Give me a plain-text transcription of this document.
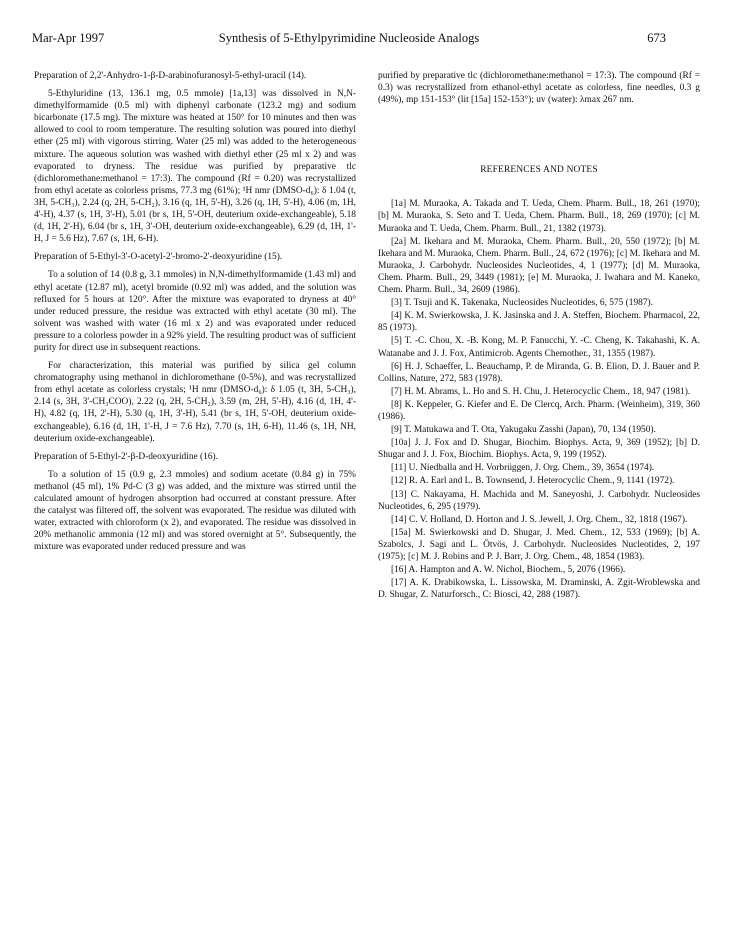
Mar-Apr 1997	Synthesis of 5-Ethylpyrimidine Nucleoside Analogs	673
Preparation of 2,2'-Anhydro-1-β-D-arabinofuranosyl-5-ethyl-uracil (14).

5-Ethyluridine (13, 136.1 mg, 0.5 mmole) [1a,13] was dissolved in N,N-dimethylformamide (0.5 ml) with diphenyl carbonate (123.2 mg) and sodium bicarbonate (17.5 mg). The mixture was heated at 150° for 10 minutes and then was allowed to cool to room temperature. The resulting solution was poured into diethyl ether (25 ml) with vigorous stirring. Water (25 ml) was added to the heterogeneous mixture. The aqueous solution was washed with diethyl ether (25 ml x 2) and was evaporated to dryness. The residue was purified by preparative tlc (dichloromethane:methanol = 17:3). The compound (Rf = 0.20) was recrystallized from ethyl acetate as colorless prisms, 77.3 mg (61%); ¹H nmr (DMSO-d₆): δ 1.04 (t, 3H, 5-CH₃), 2.24 (q, 2H, 5-CH₂), 3.16 (q, 1H, 5'-H), 3.26 (q, 1H, 5'-H), 4.06 (m, 1H, 4'-H), 4.37 (s, 1H, 3'-H), 5.01 (br s, 1H, 5'-OH, deuterium oxide-exchangeable), 5.18 (d, 1H, 2'-H), 6.04 (br s, 1H, 3'-OH, deuterium oxide-exchangeable), 6.29 (d, 1H, 1'-H, J = 5.6 Hz), 7.67 (s, 1H, 6-H).

Preparation of 5-Ethyl-3'-O-acetyl-2'-bromo-2'-deoxyuridine (15).

To a solution of 14 (0.8 g, 3.1 mmoles) in N,N-dimethylformamide (1.43 ml) and ethyl acetate (12.87 ml), acetyl bromide (0.92 ml) was added, and the solution was refluxed for 5 hours at 120°. After the mixture was evaporated to dryness at 40° under reduced pressure, the residue was extracted with ethyl acetate (30 ml). The solvent was washed with water (16 ml x 2) and was evaporated under reduced pressure to a colorless powder in a 92% yield. The resulting product was of sufficient purity for direct use in subsequent reactions.

For characterization, this material was purified by silica gel column chromatography using methanol in dichloromethane (0-5%), and was recrystallized from ethyl acetate as colorless crystals; ¹H nmr (DMSO-d₆): δ 1.05 (t, 3H, 5-CH₃), 2.14 (s, 3H, 3'-CH₃COO), 2.22 (q, 2H, 5-CH₂), 3.59 (m, 2H, 5'-H), 4.16 (d, 1H, 4'-H), 4.82 (q, 1H, 2'-H), 5.30 (q, 1H, 3'-H), 5.41 (br s, 1H, 5'-OH, deuterium oxide-exchangeable), 6.16 (d, 1H, 1'-H, J = 7.6 Hz), 7.70 (s, 1H, 6-H), 11.46 (s, 1H, NH, deuterium oxide-exchangeable).

Preparation of 5-Ethyl-2'-β-D-deoxyuridine (16).

To a solution of 15 (0.9 g, 2.3 mmoles) and sodium acetate (0.84 g) in 75% methanol (45 ml), 1% Pd-C (3 g) was added, and the mixture was stirred until the calculated amount of hydrogen absorption had occurred at constant pressure. After the catalyst was filtered off, the solvent was evaporated. The residue was diluted with water, extracted with chloroform (x 2), and evaporated. The residue was dissolved in 20% methanolic ammonia (12 ml) and was stored overnight at 5°. Subsequently, the mixture was evaporated under reduced pressure and was

purified by preparative tlc (dichloromethane:methanol = 17:3). The compound (Rf = 0.3) was recrystallized from ethanol-ethyl acetate as colorless, fine needles, 0.3 g (49%), mp 151-153° (lit [15a] 152-153°); uv (water): λmax 267 nm.

REFERENCES AND NOTES

[1a] M. Muraoka, A. Takada and T. Ueda, Chem. Pharm. Bull., 18, 261 (1970); [b] M. Muraoka, S. Seto and T. Ueda, Chem. Pharm. Bull., 18, 269 (1970); [c] M. Muraoka and T. Ueda, Chem. Pharm. Bull., 21, 1382 (1973).

[2a] M. Ikehara and M. Muraoka, Chem. Pharm. Bull., 20, 550 (1972); [b] M. Ikehara and M. Muraoka, Chem. Pharm. Bull., 24, 672 (1976); [c] M. Ikehara and M. Muraoka, J. Carbohydr. Nucleosides Nucleotides, 4, 1 (1977); [d] M. Muraoka, Chem. Pharm. Bull., 29, 3449 (1981); [e] M. Muraoka, J. Iwahara and M. Kaneko, Chem. Pharm. Bull., 34, 2609 (1986).

[3] T. Tsuji and K. Takenaka, Nucleosides Nucleotides, 6, 575 (1987).

[4] K. M. Swierkowska, J. K. Jasinska and J. A. Steffen, Biochem. Pharmacol, 22, 85 (1973).

[5] T. -C. Chou, X. -B. Kong, M. P. Fanucchi, Y. -C. Cheng, K. Takahashi, K. A. Watanabe and J. J. Fox, Antimicrob. Agents Chemother., 31, 1355 (1987).

[6] H. J. Schaeffer, L. Beauchamp, P. de Miranda, G. B. Elion, D. J. Bauer and P. Collins, Nature, 272, 583 (1978).

[7] H. M. Abrams, L. Ho and S. H. Chu, J. Heterocyclic Chem., 18, 947 (1981).

[8] K. Keppeler, G. Kiefer and E. De Clercq, Arch. Pharm. (Weinheim), 319, 360 (1986).

[9] T. Matukawa and T. Ota, Yakugaku Zasshi (Japan), 70, 134 (1950).

[10a] J. J. Fox and D. Shugar, Biochim. Biophys. Acta, 9, 369 (1952); [b] D. Shugar and J. J. Fox, Biochim. Biophys. Acta, 9, 199 (1952).

[11] U. Niedballa and H. Vorbrüggen, J. Org. Chem., 39, 3654 (1974).

[12] R. A. Earl and L. B. Townsend, J. Heterocyclic Chem., 9, 1141 (1972).

[13] C. Nakayama, H. Machida and M. Saneyoshi, J. Carbohydr. Nucleosides Nucleotides, 6, 295 (1979).

[14] C. V. Holland, D. Horton and J. S. Jewell, J. Org. Chem., 32, 1818 (1967).

[15a] M. Swierkowski and D. Shugar, J. Med. Chem., 12, 533 (1969); [b] A. Szabolcs, J. Sagi and L. Ötvös, J. Carbohydr. Nucleosides Nucleotides, 2, 197 (1975); [c] M. J. Robins and P. J. Barr, J. Org. Chem., 48, 1854 (1983).

[16] A. Hampton and A. W. Nichol, Biochem., 5, 2076 (1966).

[17] A. K. Drabikowska, L. Lissowska, M. Draminski, A. Zgit-Wroblewska and D. Shugar, Z. Naturforsch., C: Biosci, 42, 288 (1987).
